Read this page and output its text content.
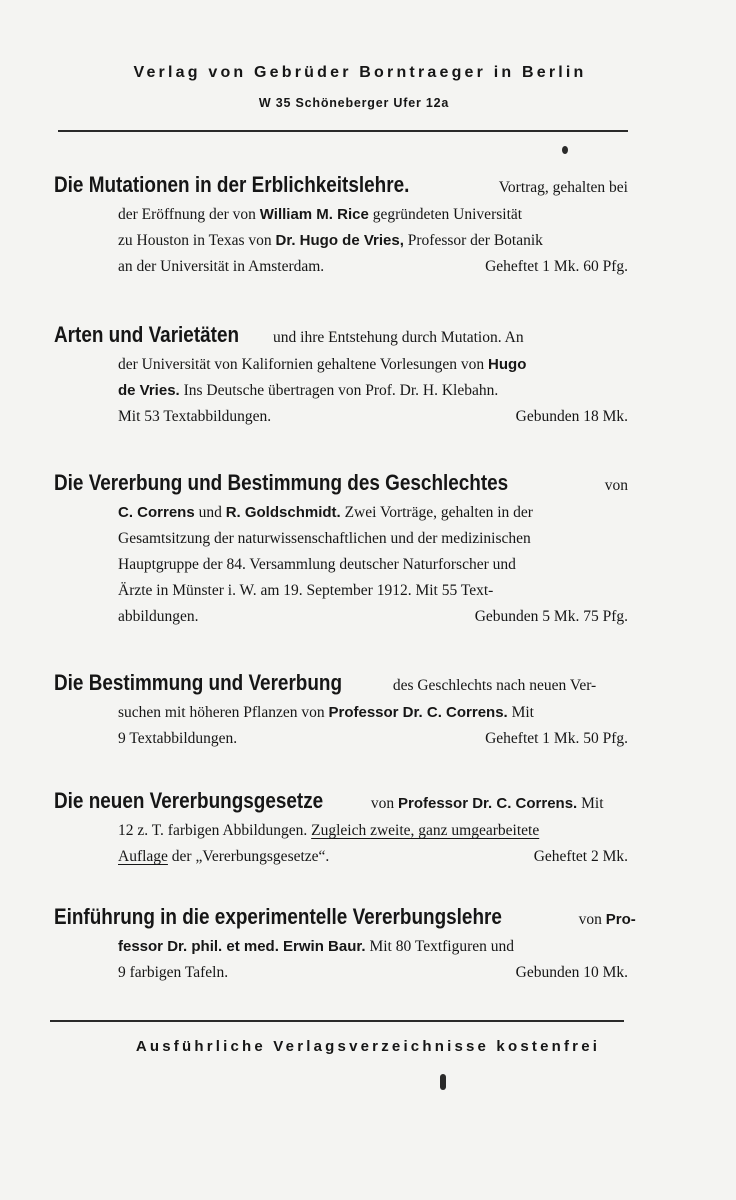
Verlag von Gebrüder Borntraeger in Berlin
W 35 Schöneberger Ufer 12a
Die Mutationen in der Erblichkeitslehre.	Vortrag, gehalten bei
der Eröffnung der von William M. Rice gegründeten Universität
zu Houston in Texas von Dr. Hugo de Vries, Professor der Botanik
an der Universität in Amsterdam.	Geheftet 1 Mk. 60 Pfg.
Arten und Varietäten und ihre Entstehung durch Mutation. An
der Universität von Kalifornien gehaltene Vorlesungen von Hugo
de Vries. Ins Deutsche übertragen von Prof. Dr. H. Klebahn.
Mit 53 Textabbildungen.	Gebunden 18 Mk.
Die Vererbung und Bestimmung des Geschlechtes	von
C. Correns und R. Goldschmidt. Zwei Vorträge, gehalten in der
Gesamtsitzung der naturwissenschaftlichen und der medizinischen
Hauptgruppe der 84. Versammlung deutscher Naturforscher und
Ärzte in Münster i. W. am 19. September 1912. Mit 55 Text-
abbildungen.	Gebunden 5 Mk. 75 Pfg.
Die Bestimmung und Vererbung	des Geschlechts nach neuen Ver-
suchen mit höheren Pflanzen von Professor Dr. C. Correns. Mit
9 Textabbildungen.	Geheftet 1 Mk. 50 Pfg.
Die neuen Vererbungsgesetze	von Professor Dr. C. Correns. Mit
12 z. T. farbigen Abbildungen. Zugleich zweite, ganz umgearbeitete
Auflage der „Vererbungsgesetze“.	Geheftet 2 Mk.
Einführung in die experimentelle Vererbungslehre	von Pro-
fessor Dr. phil. et med. Erwin Baur. Mit 80 Textfiguren und
9 farbigen Tafeln.	Gebunden 10 Mk.
Ausführliche Verlagsverzeichnisse kostenfrei
